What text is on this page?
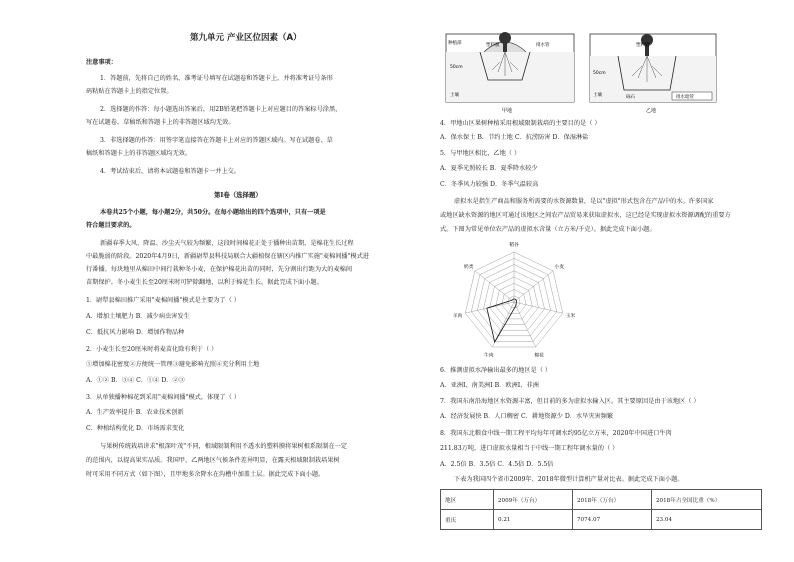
第九单元 产业区位因素（A）
注意事项：
1．答题前，先将自己的姓名、准考证号填写在试题卷和答题卡上，并将准考证号条形
码粘贴在答题卡上的指定位置。
2．选择题的作答：每小题选出答案后，用2B铅笔把答题卡上对应题目的答案标号涂黑，
写在试题卷、草稿纸和答题卡上的非答题区域均无效。
3．非选择题的作答：用签字笔直接答在答题卡上对应的答题区域内。写在试题卷、草
稿纸和答题卡上的非答题区域均无效。
4．考试结束后，请将本试题卷和答题卡一并上交。
第Ⅰ卷（选择题）
本卷共25个小题，每小题2分，共50分。在每小题给出的四个选项中，只有一项是
符合题目要求的。
新疆春季大风、降温、沙尘天气较为频繁，这段时间棉花正处于播种出苗期，是棉花生长过程
中最脆弱的阶段。2020年4月9日，新疆尉犁县科技局联合大疆植保在辖区内推广实施"麦棉间播"模式进
行番播。每块地里从棉田中间行栽种冬小麦，在保护棉花出苗的同时，先分割出行距为大的麦棉间
苗期保护。冬小麦生长至20厘米时可铲除翻地，以利于棉花生长。据此完成下面小题。
1．尉犁县棉田推广采用"麦棉间播"模式是主要为了（ ）
A．增加土壤肥力 B．减少病虫害发生
C．抵抗风力影响 D．增加作物品种
2．小麦生长至20厘米时将麦苗化除有利于（ ）
①增加棉花密度②方便统一管理③避免影响光照④充分利用土地
A．①② B．③④ C．①④ D．②③
3．从单独播种棉花到采用"麦棉间播"模式，体现了（ ）
A．生产效率提升 B．农业技术创新
C．种植结构优化 D．市场需求变化
与果树传统栽培讲求"根深叶茂"不同，根域限制利用不透水的塑料膜将果树根系限制在一定
的范围内，以提高果实品质。我国甲、乙两地区气候条件差异明显，在露天根域限制栽培果树
时可采用不同方式（如下图），且甲地多余降水在沟槽中加盖土层。据此完成下面小题。
塑料膜	排水管
种植部
50cm
土壤	排水暗管
塑料膜
50cm
土壤	砾石
甲地	乙地
4．甲地山区果树种植采用根域限制栽培的主要目的是（ ）
A．保水保土 B．节约土地 C．抗涝防害 D．保湿淋盐
5．与甲地区相比，乙地（ ）
A．夏季光照较长 B．夏季降水较少
C．冬季风力较强 D．冬季气温较高
虚拟水是指生产商品和服务所需要的水资源数量，是以"虚拟"形式包含在产品中的水。许多国家
或地区缺水资源的地区可通过该地区之间农产品贸易来获取虚拟水，这已经是实现虚拟水资源调配的重要方
式。下图为常见单位农产品的虚拟水含量（立方米/千克）。据此完成下面小题。
稻谷
小麦
玉米
棉花
牛肉
羊肉
奶类
6．推测虚拟水净输出最多的地区是（ ）
A．亚洲Ⅰ、南美洲Ⅰ B．欧洲Ⅰ、非洲
7．我国东南沿海地区水资源丰富，但目前的多为虚拟水输入区。其主要原因是由于该地区（ ）
A．经济发展快 B．人口稠密 C．耕地资源少 D．水旱灾害频繁
8．我国东北粮食中线一期工程平均每年可调水约95亿立方米，2020年中国进口牛肉
211.83万吨，进口虚拟水量相当于中线一期工程年调水量的（ ）
A．2.5倍 B．3.5倍 C．4.5倍 D．5.5倍
下表为我国四个省市2009年、2018年微型计算机产量对比表。据此完成下面小题。
地区	2009年（万台）	2018年（万台）	2018年占全国比重（%）
重庆	0.21	7074.07	23.04
